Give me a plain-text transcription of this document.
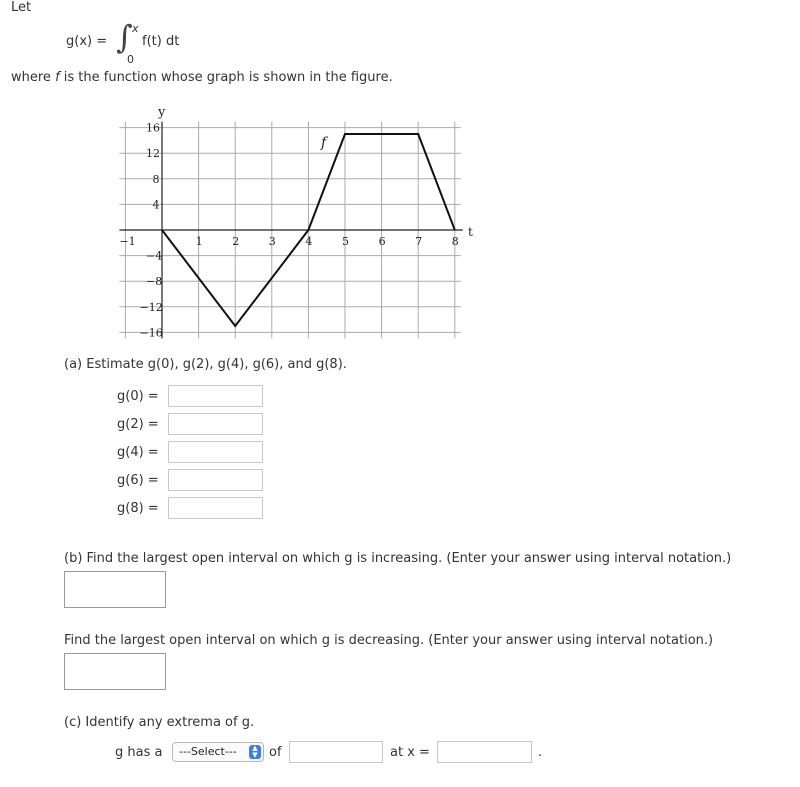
Let
g(x) = ∫ x
0
f(t) dt
where f is the function whose graph is shown in the figure.
−1	1	2	3	4	5	6	7	8
16
12
8
4
−4
−8
−12
−16
y
t
f
(a) Estimate g(0), g(2), g(4), g(6), and g(8).
g(0) =
g(2) =
g(4) =
g(6) =
g(8) =
(b) Find the largest open interval on which g is increasing. (Enter your answer using interval notation.)
Find the largest open interval on which g is decreasing. (Enter your answer using interval notation.)
(c) Identify any extrema of g.
g has a ---Select---	▲
▼ of	at x =	.
